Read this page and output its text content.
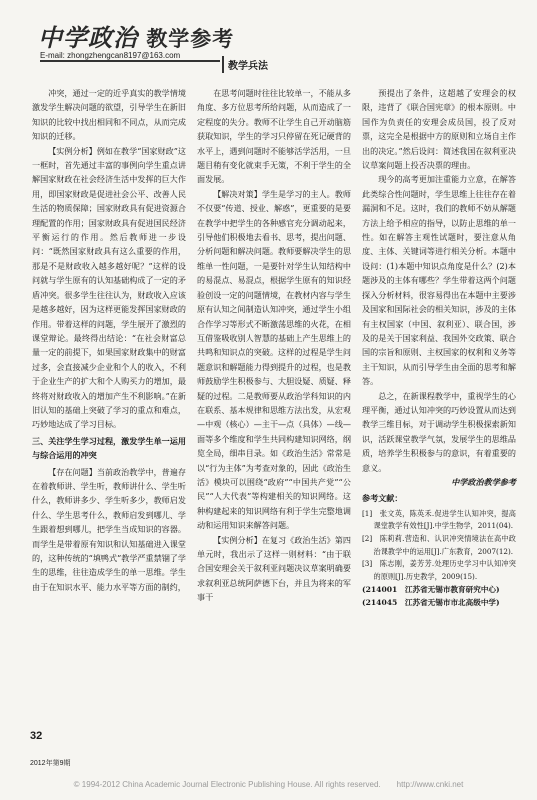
中学政治 教学参考
E-mail: zhongzhengcan8197@163.com
教学兵法

冲突，通过一定的近乎真实的教学情境激发学生解决问题的欲望，引导学生在新旧知识的比较中找出相同和不同点，从而完成知识的迁移。

【实例分析】例如在教学“国家财政”这一框时，首先通过丰富的事例向学生重点讲解国家财政在社会经济生活中发挥的巨大作用，即国家财政是促进社会公平、改善人民生活的物质保障；国家财政具有促进资源合理配置的作用；国家财政具有促进国民经济平衡运行的作用。然后教师进一步设问：“既然国家财政具有这么重要的作用，那是不是财政收入越多越好呢？”这样的设问就与学生原有的认知基础构成了一定的矛盾冲突。很多学生往往认为，财政收入应该是越多越好，因为这样更能发挥国家财政的作用。带着这样的问题，学生展开了激烈的课堂辩论。最终得出结论：“在社会财富总量一定的前提下，如果国家财政集中的财富过多，会直接减少企业和个人的收入，不利于企业生产的扩大和个人购买力的增加，最终将对财政收入的增加产生不利影响。”在新旧认知的基础上突破了学习的重点和难点，巧妙地达成了学习目标。

三、关注学生学习过程，激发学生单一运用与综合运用的冲突

【存在问题】当前政治教学中，普遍存在着教师讲、学生听，教师讲什么、学生听什么，教师讲多少、学生听多少，教师启发什么、学生思考什么，教师启发到哪儿、学生跟着想到哪儿，把学生当成知识的容器。而学生是带着原有知识和认知基础进入课堂的，这种传统的“填鸭式”教学严重禁锢了学生的思维，往往造成学生的单一思维。学生由于在知识水平、能力水平等方面的制约，

在思考问题时往往比较单一，不能从多角度、多方位思考所给问题，从而造成了一定程度的失分。教师不让学生自己开动脑筋获取知识，学生的学习只停留在死记硬背的水平上，遇到问题时不能够活学活用，一旦题目稍有变化就束手无策，不利于学生的全面发展。

【解决对策】学生是学习的主人。教师不仅要“传道、授业、解惑”，更重要的是要在教学中把学生的各种感官充分调动起来，引导他们积极地去看书、思考，提出问题、分析问题和解决问题。教师要解决学生的思维单一性问题，一是要针对学生认知结构中的易混点、易混点，根据学生原有的知识经验创设一定的问题情境，在教材内容与学生原有认知之间制造认知冲突，通过学生小组合作学习等形式不断激荡思维的火花，在相互借鉴吸收别人智慧的基础上产生思维上的共鸣和知识点的突破。这样的过程是学生问题意识和解题能力得到提升的过程，也是教师鼓励学生积极参与、大胆设疑、质疑、释疑的过程。二是教师要从政治学科知识的内在联系、基本规律和思维方法出发，从宏观—中观（核心）—主干—点（具体）—线—面等多个维度和学生共同构建知识网络，纲览全局，细串目录。如《政治生活》常常是以“行为主体”为考查对象的，因此《政治生活》模块可以围绕“政府”“中国共产党”“公民”“人大代表”等构建相关的知识网络。这种构建起来的知识网络有利于学生完整地调动和运用知识来解答问题。

【实例分析】在复习《政治生活》第四单元时，我出示了这样一则材料：“由于联合国安理会关于叙利亚问题决议草案明确要求叙利亚总统阿萨德下台，并且为将来的军事干

预提出了条件，这超越了安理会的权限，违背了《联合国宪章》的根本原则。中国作为负责任的安理会成员国，投了反对票，这完全是根据中方的原则和立场自主作出的决定。”然后设问：简述我国在叙利亚决议草案问题上投否决票的理由。

现今的高考更加注重能力立意，在解答此类综合性问题时，学生思维上往往存在着漏洞和不足。这时，我们的教师不妨从解题方法上给予相应的指导，以防止思维的单一性。如在解答主观性试题时，要注意从角度、主体、关键词等进行相关分析。本题中设问：(1)本题中知识点角度是什么？(2)本题涉及的主体有哪些？学生带着这两个问题探入分析材料，很容易得出在本题中主要涉及国家和国际社会的相关知识，涉及的主体有主权国家（中国、叙利亚）、联合国，涉及的是关于国家利益、我国外交政策、联合国的宗旨和原则、主权国家的权利和义务等主干知识，从而引导学生由全面的思考和解答。

总之，在新课程教学中，重视学生的心理平衡，通过认知冲突的巧妙设置从而达到教学三维目标，对于调动学生积极探索新知识，活跃课堂教学气氛，发展学生的思维品质，培养学生积极参与的意识，有着重要的意义。

中学政治教学参考

参考文献：

[1]　张文英，陈英禾.促进学生认知冲突，提高课堂教学有效性[J].中学生物学，2011(04).

[2]　陈莉莉.营造和、认识冲突情境法在高中政治课教学中的运用[J].广东教育，2007(12).

[3]　陈志刚，姜芳芳.处理历史学习中认知冲突的原则[J].历史教学，2009(15).

(214001　江苏省无锡市教育研究中心)

(214045　江苏省无锡市市北高级中学)

32
2012年第9期
© 1994-2012 China Academic Journal Electronic Publishing House. All rights reserved.　　http://www.cnki.net
